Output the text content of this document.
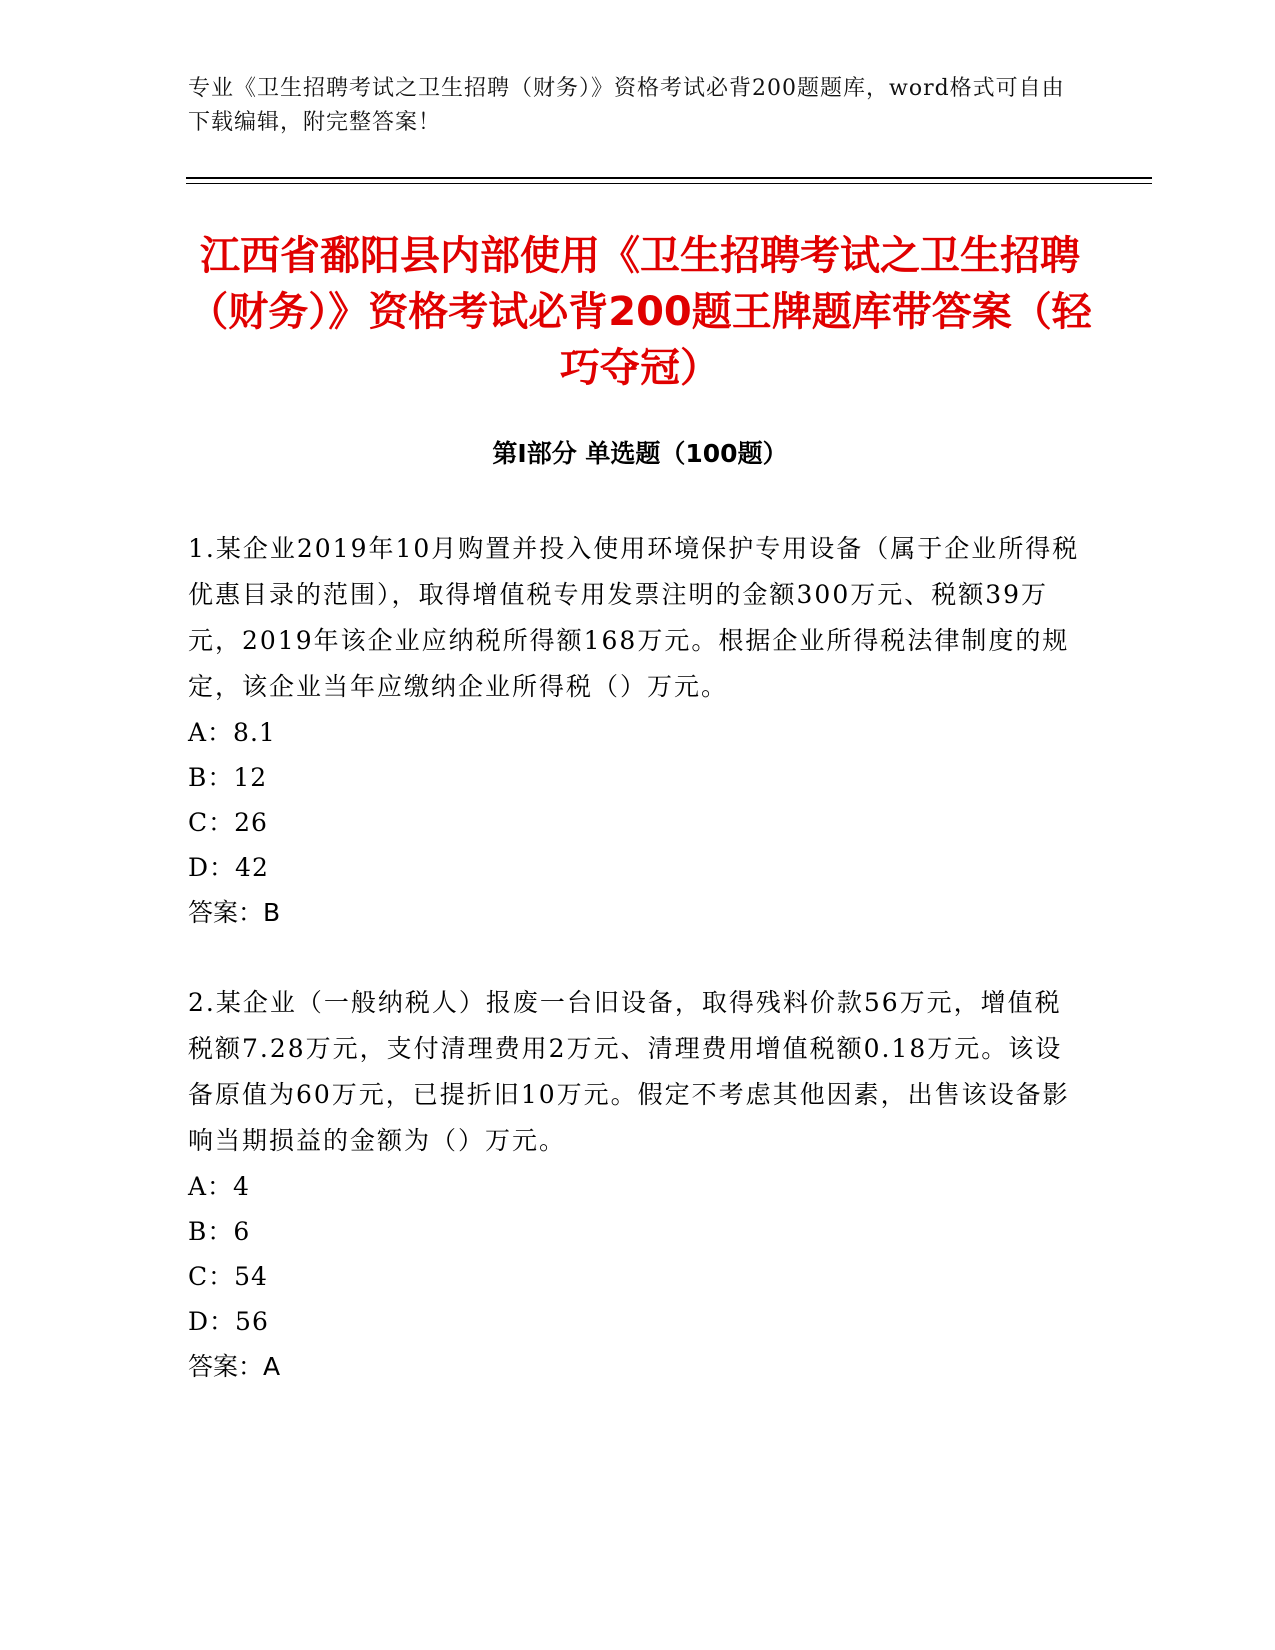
专业《卫生招聘考试之卫生招聘（财务）》资格考试必背200题题库，word格式可自由下载编辑，附完整答案！
江西省鄱阳县内部使用《卫生招聘考试之卫生招聘（财务）》资格考试必背200题王牌题库带答案（轻巧夺冠）
第Ⅰ部分 单选题（100题）

1.某企业2019年10月购置并投入使用环境保护专用设备（属于企业所得税优惠目录的范围），取得增值税专用发票注明的金额300万元、税额39万元，2019年该企业应纳税所得额168万元。根据企业所得税法律制度的规定，该企业当年应缴纳企业所得税（）万元。

A：8.1

B：12

C：26

D：42

答案：B

2.某企业（一般纳税人）报废一台旧设备，取得残料价款56万元，增值税税额7.28万元，支付清理费用2万元、清理费用增值税额0.18万元。该设备原值为60万元，已提折旧10万元。假定不考虑其他因素，出售该设备影响当期损益的金额为（）万元。

A：4

B：6

C：54

D：56

答案：A
